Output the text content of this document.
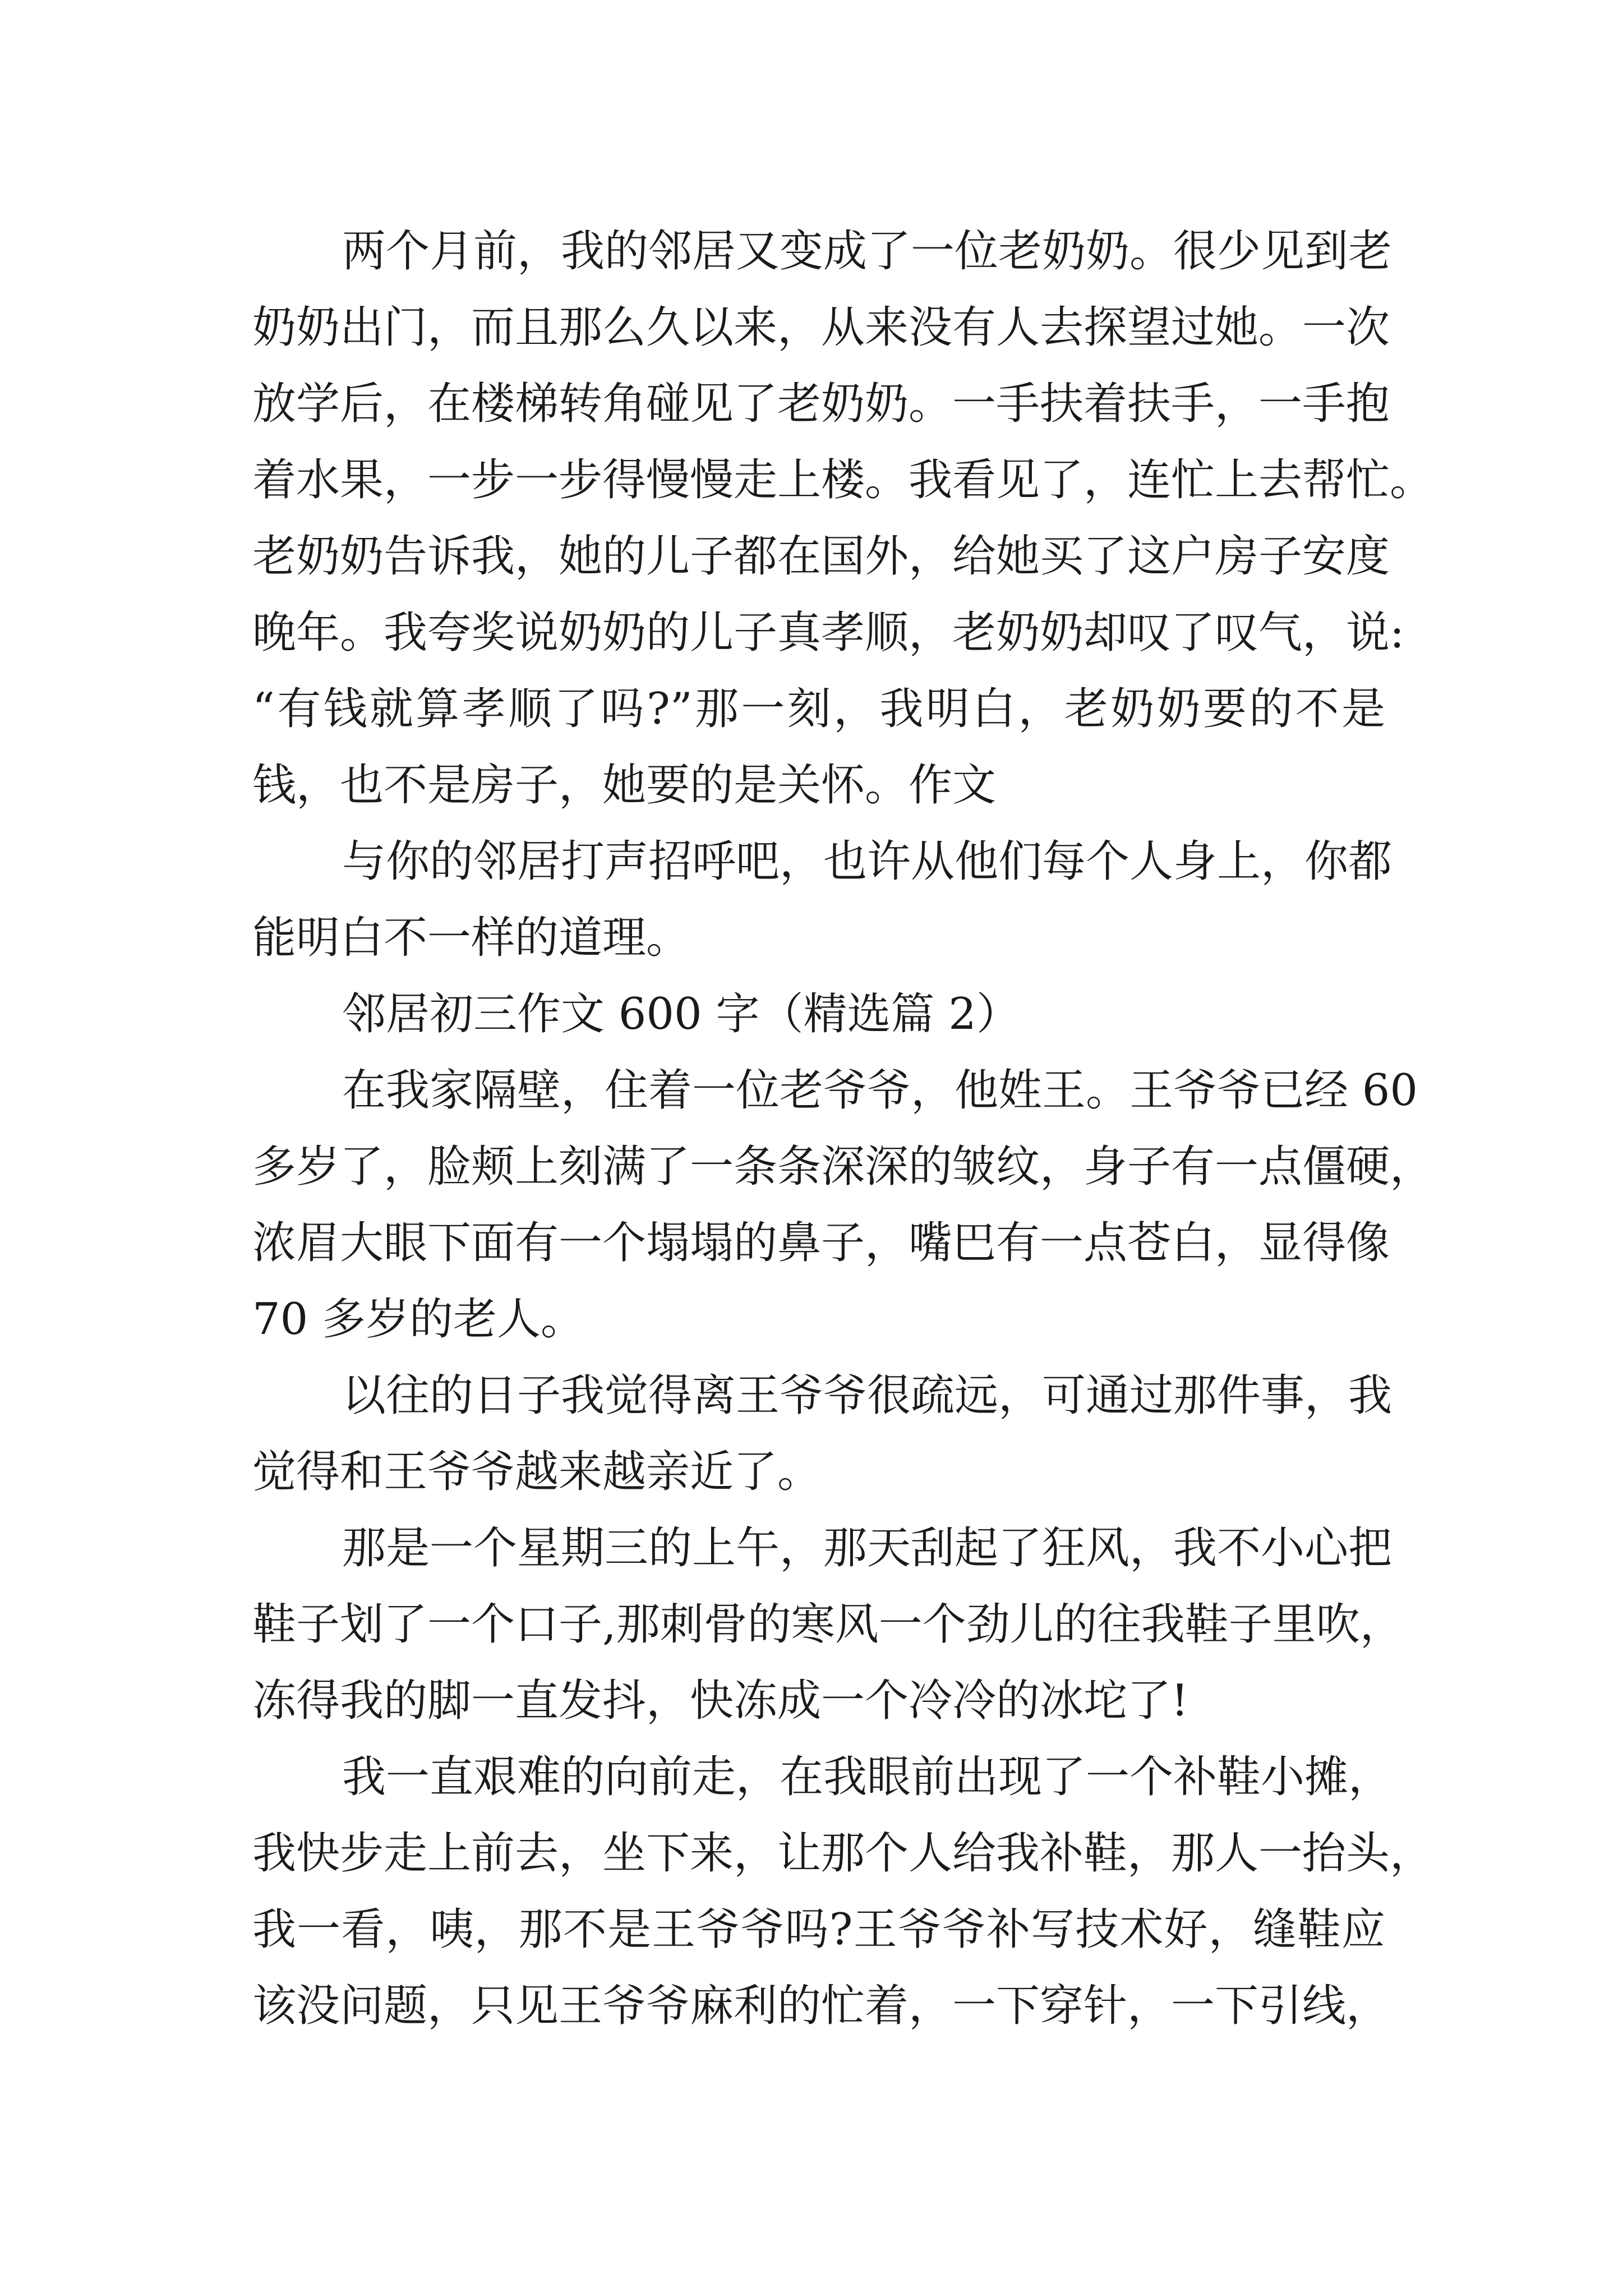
两个月前，我的邻居又变成了一位老奶奶。很少见到老
奶奶出门，而且那么久以来，从来没有人去探望过她。一次
放学后，在楼梯转角碰见了老奶奶。一手扶着扶手，一手抱
着水果，一步一步得慢慢走上楼。我看见了，连忙上去帮忙。
老奶奶告诉我，她的儿子都在国外，给她买了这户房子安度
晚年。我夸奖说奶奶的儿子真孝顺，老奶奶却叹了叹气，说:
“有钱就算孝顺了吗?”那一刻，我明白，老奶奶要的不是
钱，也不是房子，她要的是关怀。作文
与你的邻居打声招呼吧，也许从他们每个人身上，你都
能明白不一样的道理。
邻居初三作文 600 字（精选篇 2）
在我家隔壁，住着一位老爷爷，他姓王。王爷爷已经 60
多岁了，脸颊上刻满了一条条深深的皱纹，身子有一点僵硬，
浓眉大眼下面有一个塌塌的鼻子，嘴巴有一点苍白，显得像
70 多岁的老人。
以往的日子我觉得离王爷爷很疏远，可通过那件事，我
觉得和王爷爷越来越亲近了。
那是一个星期三的上午，那天刮起了狂风，我不小心把
鞋子划了一个口子,那刺骨的寒风一个劲儿的往我鞋子里吹，
冻得我的脚一直发抖，快冻成一个冷冷的冰坨了!
我一直艰难的向前走，在我眼前出现了一个补鞋小摊，
我快步走上前去，坐下来，让那个人给我补鞋，那人一抬头，
我一看，咦，那不是王爷爷吗?王爷爷补写技术好，缝鞋应
该没问题，只见王爷爷麻利的忙着，一下穿针，一下引线，
